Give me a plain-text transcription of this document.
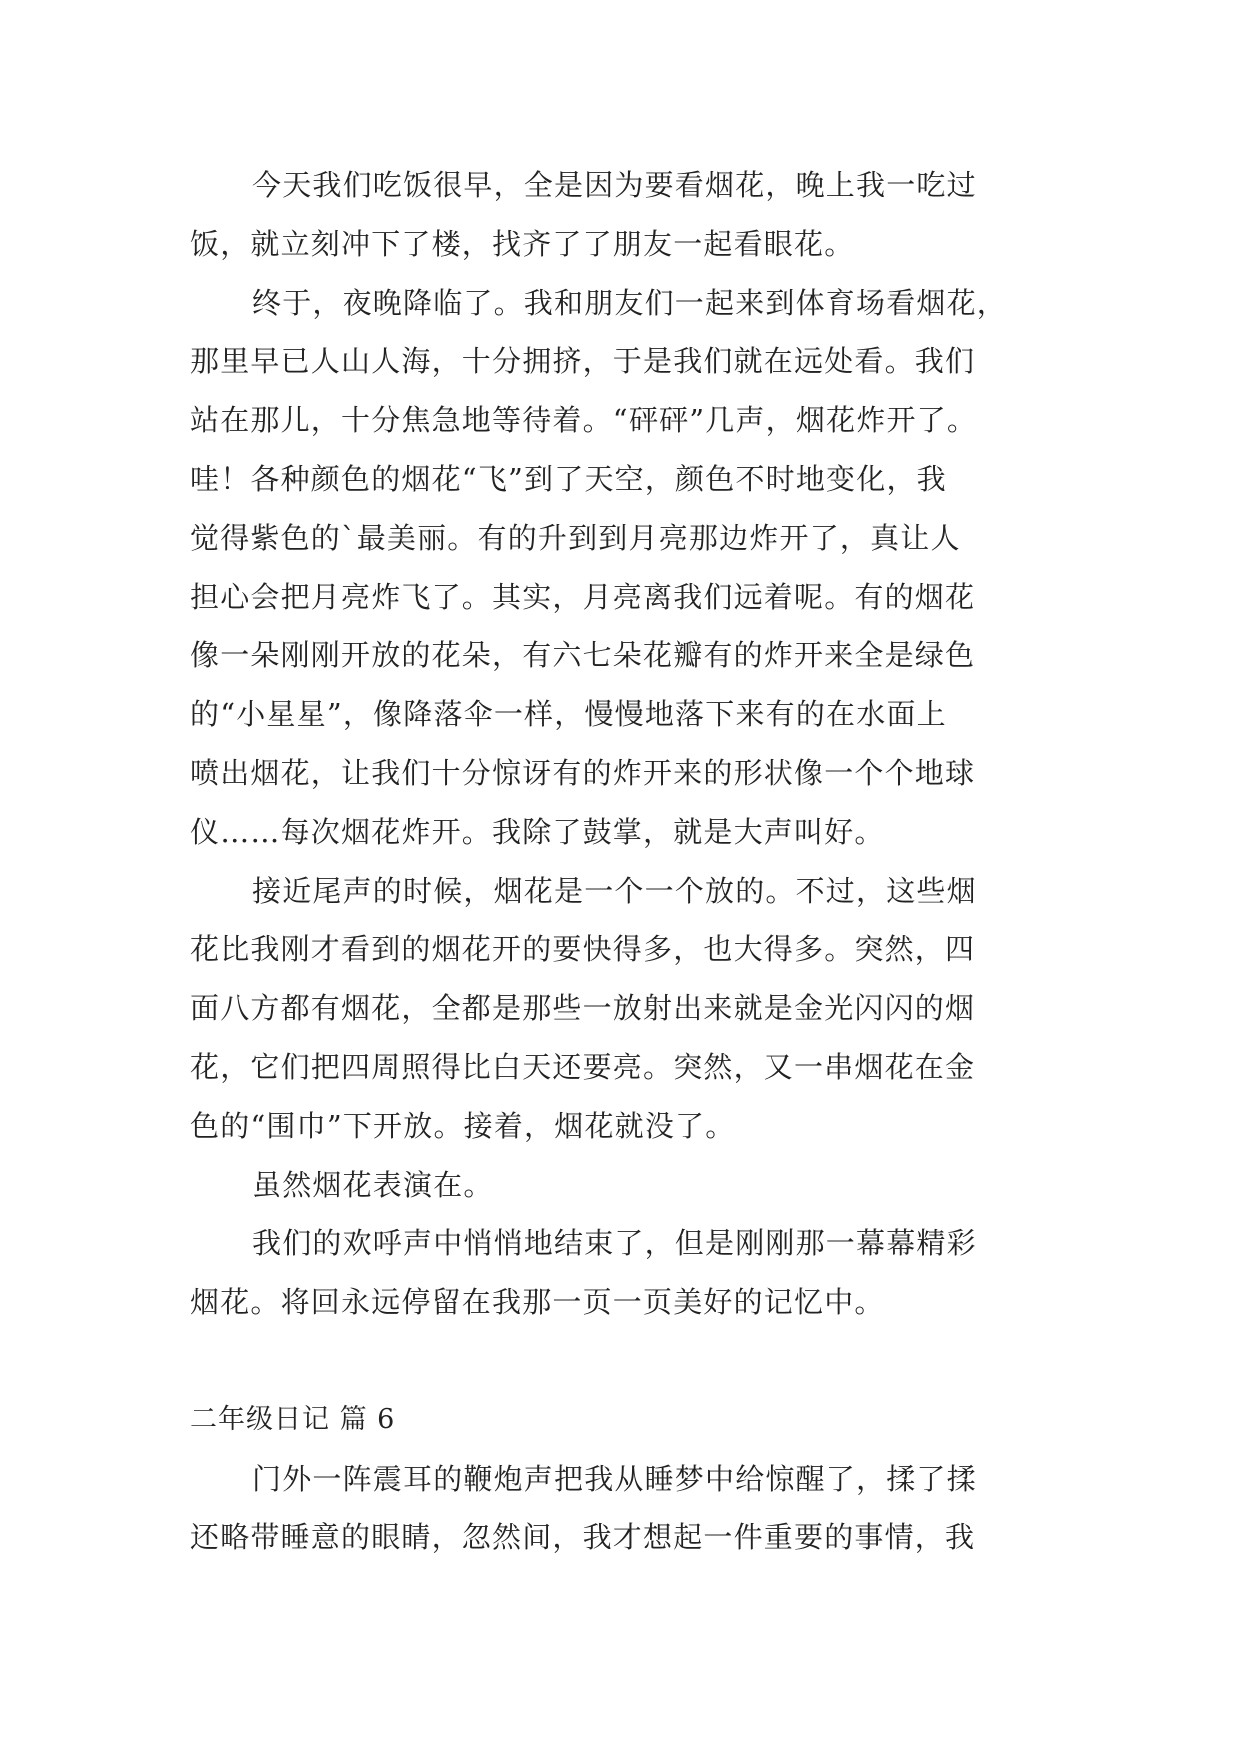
今天我们吃饭很早，全是因为要看烟花，晚上我一吃过
饭，就立刻冲下了楼，找齐了了朋友一起看眼花。
终于，夜晚降临了。我和朋友们一起来到体育场看烟花，
那里早已人山人海，十分拥挤，于是我们就在远处看。我们
站在那儿，十分焦急地等待着。“砰砰”几声，烟花炸开了。
哇！各种颜色的烟花“飞”到了天空，颜色不时地变化，我
觉得紫色的`最美丽。有的升到到月亮那边炸开了，真让人
担心会把月亮炸飞了。其实，月亮离我们远着呢。有的烟花
像一朵刚刚开放的花朵，有六七朵花瓣有的炸开来全是绿色
的“小星星”，像降落伞一样，慢慢地落下来有的在水面上
喷出烟花，让我们十分惊讶有的炸开来的形状像一个个地球
仪……每次烟花炸开。我除了鼓掌，就是大声叫好。
接近尾声的时候，烟花是一个一个放的。不过，这些烟
花比我刚才看到的烟花开的要快得多，也大得多。突然，四
面八方都有烟花，全都是那些一放射出来就是金光闪闪的烟
花，它们把四周照得比白天还要亮。突然，又一串烟花在金
色的“围巾”下开放。接着，烟花就没了。
虽然烟花表演在。
我们的欢呼声中悄悄地结束了，但是刚刚那一幕幕精彩
烟花。将回永远停留在我那一页一页美好的记忆中。
二年级日记 篇 6
门外一阵震耳的鞭炮声把我从睡梦中给惊醒了，揉了揉
还略带睡意的眼睛，忽然间，我才想起一件重要的事情，我
